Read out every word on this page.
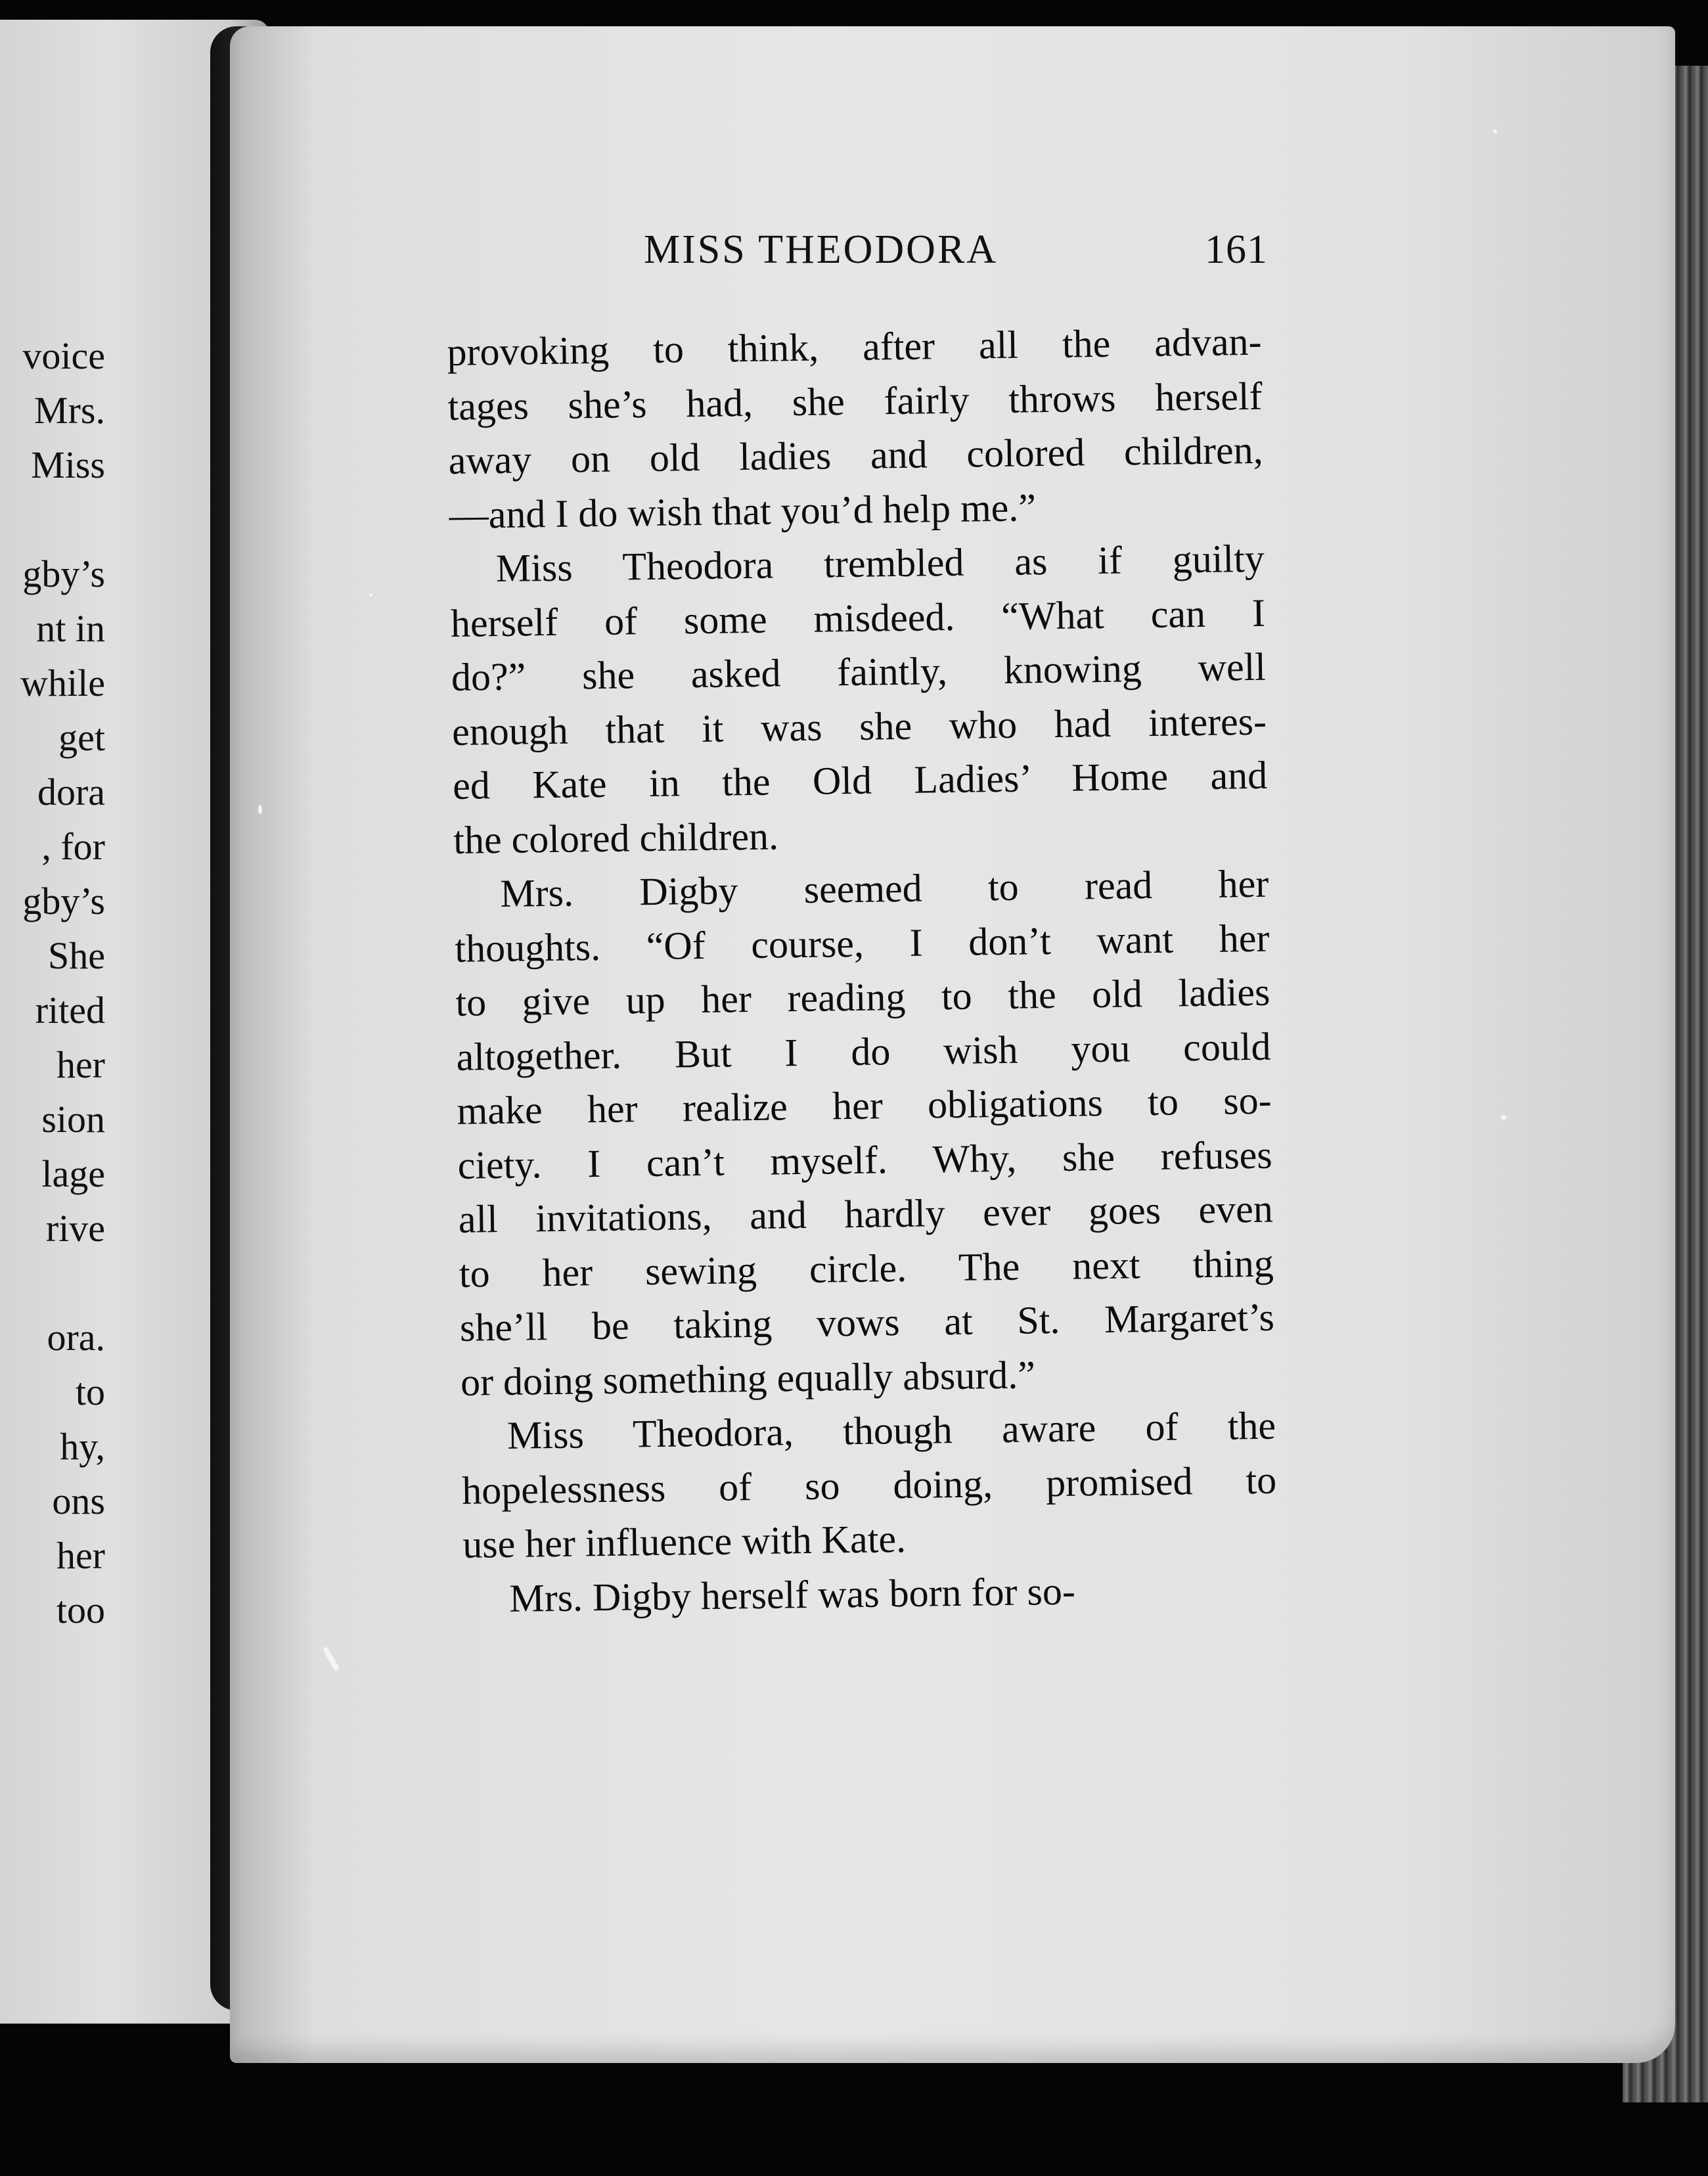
voice
Mrs.
Miss

gby’s
nt in
while
get
dora
, for
gby’s
She
rited
her
sion
lage
rive

ora.
to
hy,
ons
her
too
MISS THEODORA	161
provoking to think, after all the advan-
tages she’s had, she fairly throws herself
away on old ladies and colored children,
—and I do wish that you’d help me.”
Miss Theodora trembled as if guilty
herself of some misdeed. “What can I
do?” she asked faintly, knowing well
enough that it was she who had interes-
ed Kate in the Old Ladies’ Home and
the colored children.
Mrs. Digby seemed to read her
thoughts. “Of course, I don’t want her
to give up her reading to the old ladies
altogether. But I do wish you could
make her realize her obligations to so-
ciety. I can’t myself. Why, she refuses
all invitations, and hardly ever goes even
to her sewing circle. The next thing
she’ll be taking vows at St. Margaret’s
or doing something equally absurd.”
Miss Theodora, though aware of the
hopelessness of so doing, promised to
use her influence with Kate.
Mrs. Digby herself was born for so-
